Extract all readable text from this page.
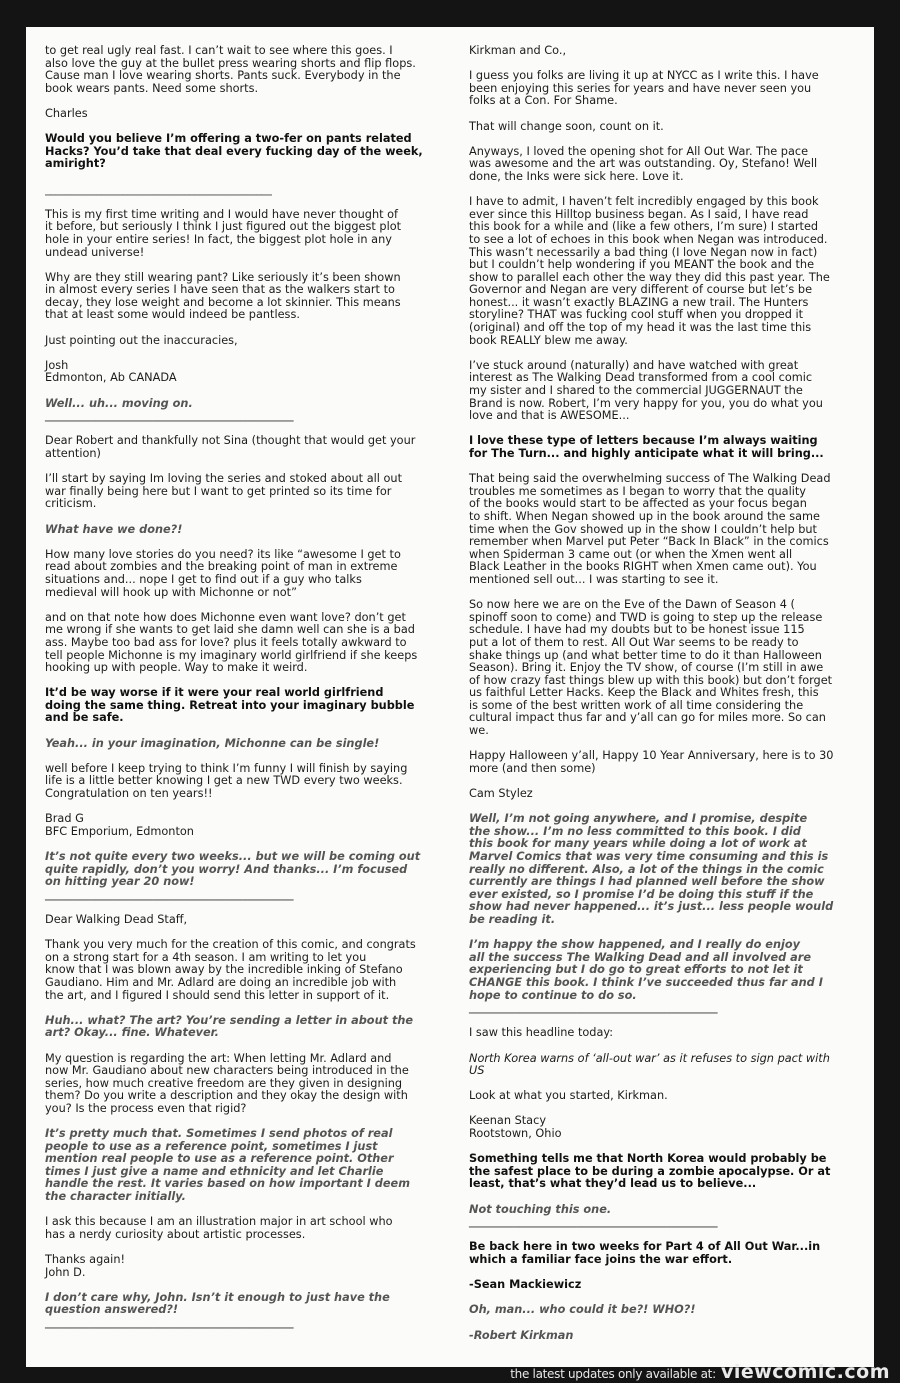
to get real ugly real fast. I can’t wait to see where this goes. I
also love the guy at the bullet press wearing shorts and flip flops.
Cause man I love wearing shorts. Pants suck. Everybody in the
book wears pants. Need some shorts.

Charles

Would you believe I’m offering a two-fer on pants related
Hacks? You’d take that deal every fucking day of the week,
amiright?

____________________________________________

This is my first time writing and I would have never thought of
it before, but seriously I think I just figured out the biggest plot
hole in your entire series! In fact, the biggest plot hole in any
undead universe!

Why are they still wearing pant? Like seriously it’s been shown
in almost every series I have seen that as the walkers start to
decay, they lose weight and become a lot skinnier. This means
that at least some would indeed be pantless.

Just pointing out the inaccuracies,

Josh
Edmonton, Ab CANADA

Well... uh... moving on.
____________________________________________

Dear Robert and thankfully not Sina (thought that would get your
attention)

I’ll start by saying Im loving the series and stoked about all out
war finally being here but I want to get printed so its time for
criticism.

What have we done?!

How many love stories do you need? its like “awesome I get to
read about zombies and the breaking point of man in extreme
situations and... nope I get to find out if a guy who talks
medieval will hook up with Michonne or not”

and on that note how does Michonne even want love? don’t get
me wrong if she wants to get laid she damn well can she is a bad
ass. Maybe too bad ass for love? plus it feels totally awkward to
tell people Michonne is my imaginary world girlfriend if she keeps
hooking up with people. Way to make it weird.

It’d be way worse if it were your real world girlfriend
doing the same thing. Retreat into your imaginary bubble
and be safe.

Yeah... in your imagination, Michonne can be single!

well before I keep trying to think I’m funny I will finish by saying
life is a little better knowing I get a new TWD every two weeks.
Congratulation on ten years!!

Brad G
BFC Emporium, Edmonton

It’s not quite every two weeks... but we will be coming out
quite rapidly, don’t you worry! And thanks... I’m focused
on hitting year 20 now!
____________________________________________

Dear Walking Dead Staff,

Thank you very much for the creation of this comic, and congrats
on a strong start for a 4th season. I am writing to let you
know that I was blown away by the incredible inking of Stefano
Gaudiano. Him and Mr. Adlard are doing an incredible job with
the art, and I figured I should send this letter in support of it.

Huh... what? The art? You’re sending a letter in about the
art? Okay... fine. Whatever.

My question is regarding the art: When letting Mr. Adlard and
now Mr. Gaudiano about new characters being introduced in the
series, how much creative freedom are they given in designing
them? Do you write a description and they okay the design with
you? Is the process even that rigid?

It’s pretty much that. Sometimes I send photos of real
people to use as a reference point, sometimes I just
mention real people to use as a reference point. Other
times I just give a name and ethnicity and let Charlie
handle the rest. It varies based on how important I deem
the character initially.

I ask this because I am an illustration major in art school who
has a nerdy curiosity about artistic processes.

Thanks again!
John D.

I don’t care why, John. Isn’t it enough to just have the
question answered?!
____________________________________________

Kirkman and Co.,

I guess you folks are living it up at NYCC as I write this. I have
been enjoying this series for years and have never seen you
folks at a Con. For Shame.

That will change soon, count on it.

Anyways, I loved the opening shot for All Out War. The pace
was awesome and the art was outstanding. Oy, Stefano! Well
done, the Inks were sick here. Love it.

I have to admit, I haven’t felt incredibly engaged by this book
ever since this Hilltop business began. As I said, I have read
this book for a while and (like a few others, I’m sure) I started
to see a lot of echoes in this book when Negan was introduced.
This wasn’t necessarily a bad thing (I love Negan now in fact)
but I couldn’t help wondering if you MEANT the book and the
show to parallel each other the way they did this past year. The
Governor and Negan are very different of course but let’s be
honest... it wasn’t exactly BLAZING a new trail. The Hunters
storyline? THAT was fucking cool stuff when you dropped it
(original) and off the top of my head it was the last time this
book REALLY blew me away.

I’ve stuck around (naturally) and have watched with great
interest as The Walking Dead transformed from a cool comic
my sister and I shared to the commercial JUGGERNAUT the
Brand is now. Robert, I’m very happy for you, you do what you
love and that is AWESOME...

I love these type of letters because I’m always waiting
for The Turn... and highly anticipate what it will bring...

That being said the overwhelming success of The Walking Dead
troubles me sometimes as I began to worry that the quality
of the books would start to be affected as your focus began
to shift. When Negan showed up in the book around the same
time when the Gov showed up in the show I couldn’t help but
remember when Marvel put Peter “Back In Black” in the comics
when Spiderman 3 came out (or when the Xmen went all
Black Leather in the books RIGHT when Xmen came out). You
mentioned sell out... I was starting to see it.

So now here we are on the Eve of the Dawn of Season 4 (
spinoff soon to come) and TWD is going to step up the release
schedule. I have had my doubts but to be honest issue 115
put a lot of them to rest. All Out War seems to be ready to
shake things up (and what better time to do it than Halloween
Season). Bring it. Enjoy the TV show, of course (I’m still in awe
of how crazy fast things blew up with this book) but don’t forget
us faithful Letter Hacks. Keep the Black and Whites fresh, this
is some of the best written work of all time considering the
cultural impact thus far and y’all can go for miles more. So can
we.

Happy Halloween y’all, Happy 10 Year Anniversary, here is to 30
more (and then some)

Cam Stylez

Well, I’m not going anywhere, and I promise, despite
the show... I’m no less committed to this book. I did
this book for many years while doing a lot of work at
Marvel Comics that was very time consuming and this is
really no different. Also, a lot of the things in the comic
currently are things I had planned well before the show
ever existed, so I promise I’d be doing this stuff if the
show had never happened... it’s just... less people would
be reading it.

I’m happy the show happened, and I really do enjoy
all the success The Walking Dead and all involved are
experiencing but I do go to great efforts to not let it
CHANGE this book. I think I’ve succeeded thus far and I
hope to continue to do so.
____________________________________________

I saw this headline today:

North Korea warns of ‘all-out war’ as it refuses to sign pact with
US

Look at what you started, Kirkman.

Keenan Stacy
Rootstown, Ohio

Something tells me that North Korea would probably be
the safest place to be during a zombie apocalypse. Or at
least, that’s what they’d lead us to believe...

Not touching this one.
____________________________________________

Be back here in two weeks for Part 4 of All Out War...in
which a familiar face joins the war effort.

-Sean Mackiewicz

Oh, man... who could it be?! WHO?!

-Robert Kirkman

the latest updates only available at: viewcomic.com
